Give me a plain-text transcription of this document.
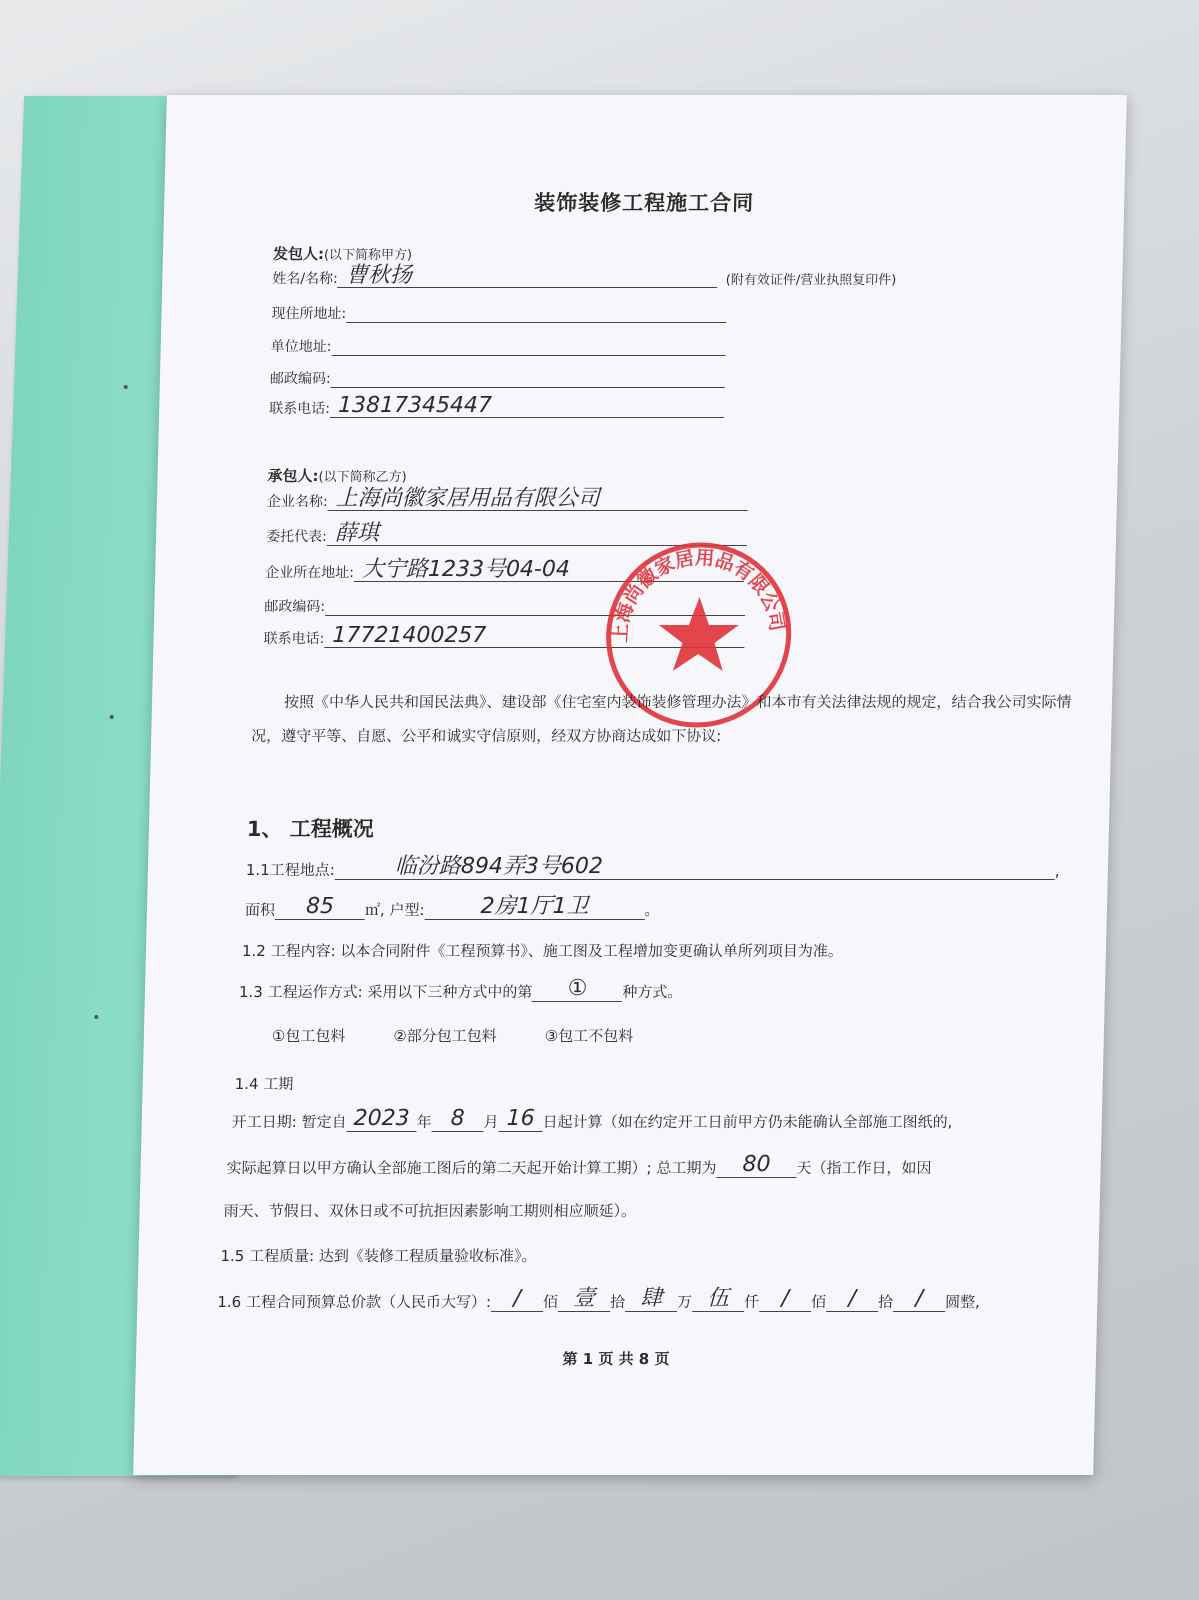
装饰装修工程施工合同
发包人:(以下简称甲方)
姓名/名称: 曹秋扬	(附有效证件/营业执照复印件)
现住所地址:
单位地址:
邮政编码:
联系电话: 13817345447
承包人:(以下简称乙方)
企业名称: 上海尚徽家居用品有限公司
委托代表: 薛琪
企业所在地址: 大宁路1233号04-04
邮政编码:
联系电话: 17721400257	上海尚徽家居用品有限公司
按照《中华人民共和国民法典》、建设部《住宅室内装饰装修管理办法》和本市有关法律法规的规定，结合我公司实际情况，遵守平等、自愿、公平和诚实守信原则，经双方协商达成如下协议:
1、 工程概况
1.1工程地点:	临汾路894弄3号602	,
面积	85	㎡, 户型:	2房1厅1卫	。
1.2 工程内容: 以本合同附件《工程预算书》、施工图及工程增加变更确认单所列项目为准。
1.3 工程运作方式: 采用以下三种方式中的第	①	种方式。
①包工包料	②部分包工包料	③包工不包料
1.4 工期
开工日期: 暂定自 2023 年 8	月 16 日起计算（如在约定开工日前甲方仍未能确认全部施工图纸的,
实际起算日以甲方确认全部施工图后的第二天起开始计算工期）; 总工期为	80	天（指工作日，如因
雨天、节假日、双休日或不可抗拒因素影响工期则相应顺延）。
1.5 工程质量: 达到《装修工程质量验收标准》。
1.6 工程合同预算总价款（人民币大写）: /	佰 壹 拾 肆 万 伍 仟 /	佰 /	拾 /	圆整,
第 1 页 共 8 页
